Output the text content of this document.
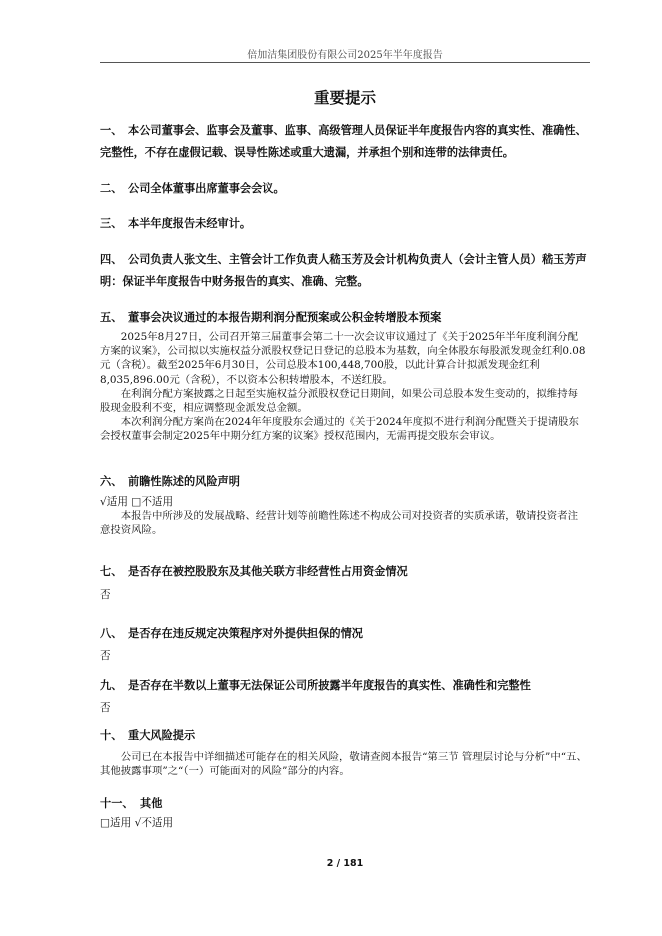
倍加洁集团股份有限公司2025年半年度报告
重要提示
一、 本公司董事会、监事会及董事、监事、高级管理人员保证半年度报告内容的真实性、准确性、完整性，不存在虚假记载、误导性陈述或重大遗漏，并承担个别和连带的法律责任。
二、 公司全体董事出席董事会会议。
三、 本半年度报告未经审计。
四、 公司负责人张文生、主管会计工作负责人嵇玉芳及会计机构负责人（会计主管人员）嵇玉芳声明：保证半年度报告中财务报告的真实、准确、完整。
五、 董事会决议通过的本报告期利润分配预案或公积金转增股本预案

2025年8月27日，公司召开第三届董事会第二十一次会议审议通过了《关于2025年半年度利润分配方案的议案》，公司拟以实施权益分派股权登记日登记的总股本为基数，向全体股东每股派发现金红利0.08元（含税）。截至2025年6月30日，公司总股本100,448,700股，以此计算合计拟派发现金红利8,035,896.00元（含税），不以资本公积转增股本，不送红股。

在利润分配方案披露之日起至实施权益分派股权登记日期间，如果公司总股本发生变动的，拟维持每股现金股利不变，相应调整现金派发总金额。

本次利润分配方案尚在2024年年度股东会通过的《关于2024年度拟不进行利润分配暨关于提请股东会授权董事会制定2025年中期分红方案的议案》授权范围内，无需再提交股东会审议。

六、 前瞻性陈述的风险声明
√适用 □不适用

本报告中所涉及的发展战略、经营计划等前瞻性陈述不构成公司对投资者的实质承诺，敬请投资者注意投资风险。

七、 是否存在被控股股东及其他关联方非经营性占用资金情况
否
八、 是否存在违反规定决策程序对外提供担保的情况
否
九、 是否存在半数以上董事无法保证公司所披露半年度报告的真实性、准确性和完整性
否
十、 重大风险提示

公司已在本报告中详细描述可能存在的相关风险，敬请查阅本报告“第三节 管理层讨论与分析”中“五、其他披露事项”之“（一）可能面对的风险”部分的内容。

十一、 其他
□适用 √不适用
2 / 181
